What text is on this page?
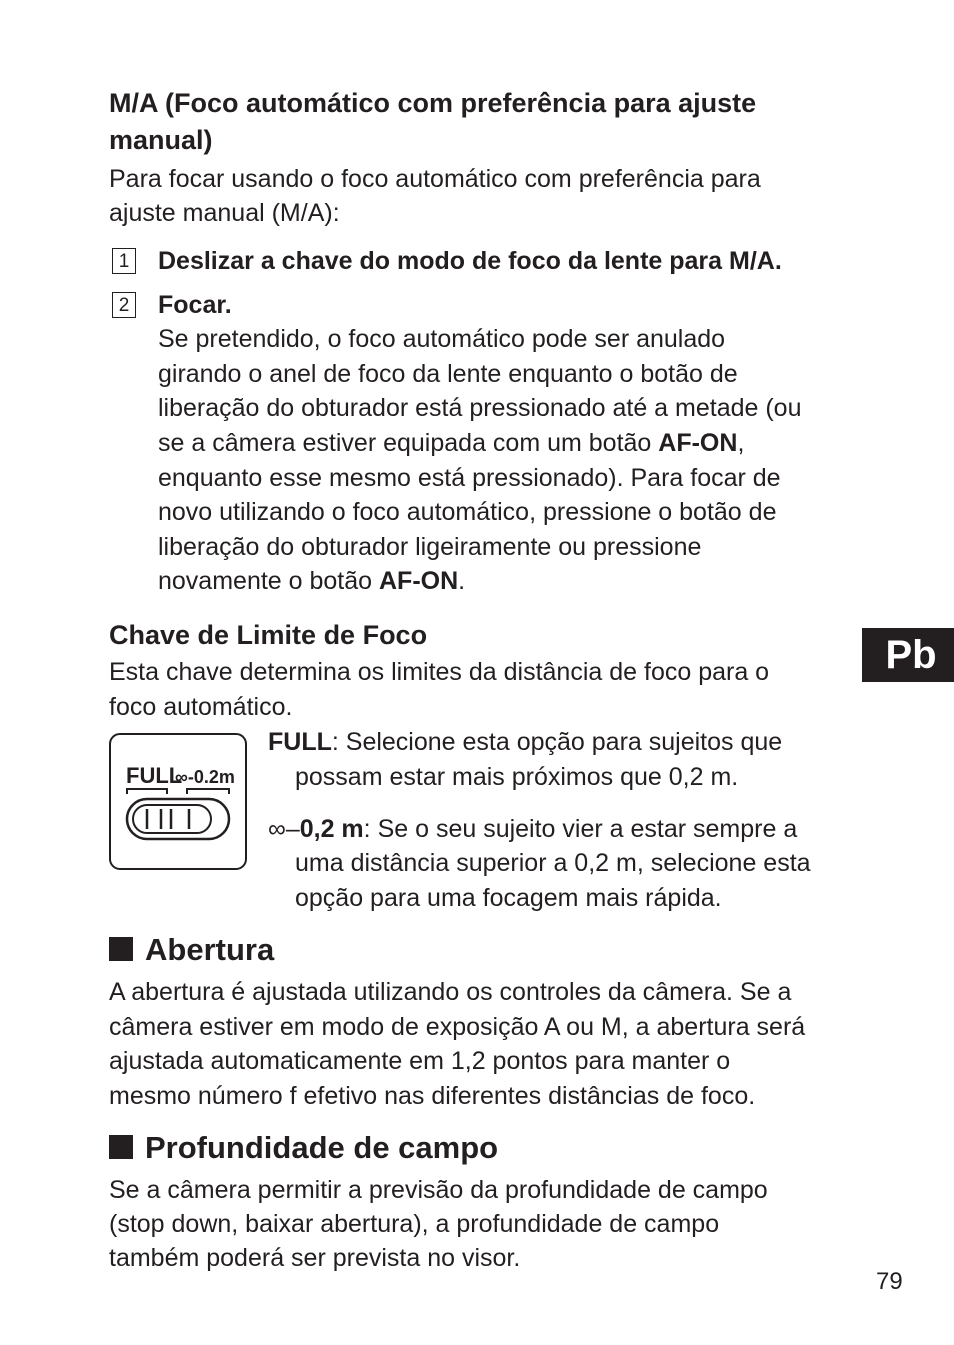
M/A (Foco automático com preferência para ajuste
manual)
Para focar usando o foco automático com preferência para
ajuste manual (M/A):
1 Deslizar a chave do modo de foco da lente para M/A.
2 Focar.
Se pretendido, o foco automático pode ser anulado
girando o anel de foco da lente enquanto o botão de
liberação do obturador está pressionado até a metade (ou
se a câmera estiver equipada com um botão AF-ON,
enquanto esse mesmo está pressionado). Para focar de
novo utilizando o foco automático, pressione o botão de
liberação do obturador ligeiramente ou pressione
novamente o botão AF-ON.
Chave de Limite de Foco
Esta chave determina os limites da distância de foco para o
foco automático.
FULL
∞-0.2m
FULL: Selecione esta opção para sujeitos que
possam estar mais próximos que 0,2 m.
∞–0,2 m: Se o seu sujeito vier a estar sempre a
uma distância superior a 0,2 m, selecione esta
opção para uma focagem mais rápida.
Abertura
A abertura é ajustada utilizando os controles da câmera. Se a
câmera estiver em modo de exposição A ou M, a abertura será
ajustada automaticamente em 1,2 pontos para manter o
mesmo número f efetivo nas diferentes distâncias de foco.
Profundidade de campo
Se a câmera permitir a previsão da profundidade de campo
(stop down, baixar abertura), a profundidade de campo
também poderá ser prevista no visor.
Pb
79
